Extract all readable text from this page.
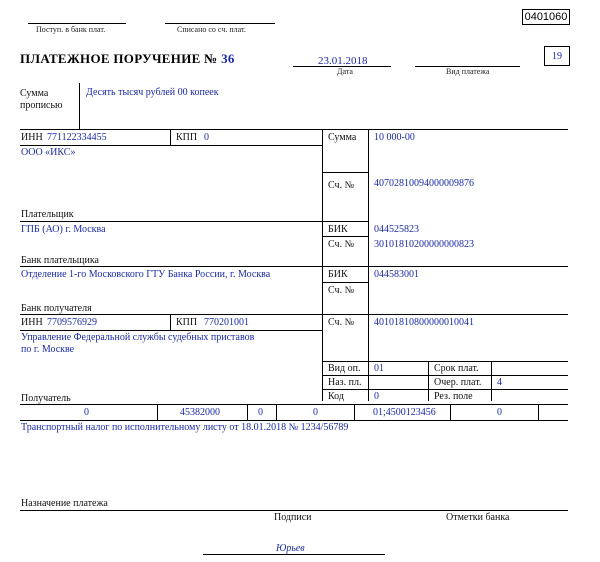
0401060
Поступ. в банк плат.	Списано со сч. плат.
ПЛАТЕЖНОЕ ПОРУЧЕНИЕ № 36	23.01.2018
Дата	Вид платежа
19
Сумма
прописью
Десять тысяч рублей 00 копеек
ИНН 771122334455	КПП 0
ООО «ИКС»
Плательщик
Сумма 10 000-00
Сч. № 40702810094000009876
ГПБ (АО) г. Москва
Банк плательщика
БИК	044525823
Сч. № 30101810200000000823
Отделение 1-го Московского ГТУ Банка России, г. Москва
Банк получателя
БИК	044583001
Сч. №
ИНН 7709576929	КПП 770201001	Сч. № 40101810800000010041
Управление Федеральной службы судебных приставов
по г. Москве
Получатель
Вид оп. 01	Срок плат.
Наз. пл.	Очер. плат. 4
Код	0	Рез. поле
0	45382000	0	0	01;4500123456	0
Транспортный налог по исполнительному листу от 18.01.2018 № 1234/56789
Назначение платежа
Подписи	Отметки банка
Юрьев
